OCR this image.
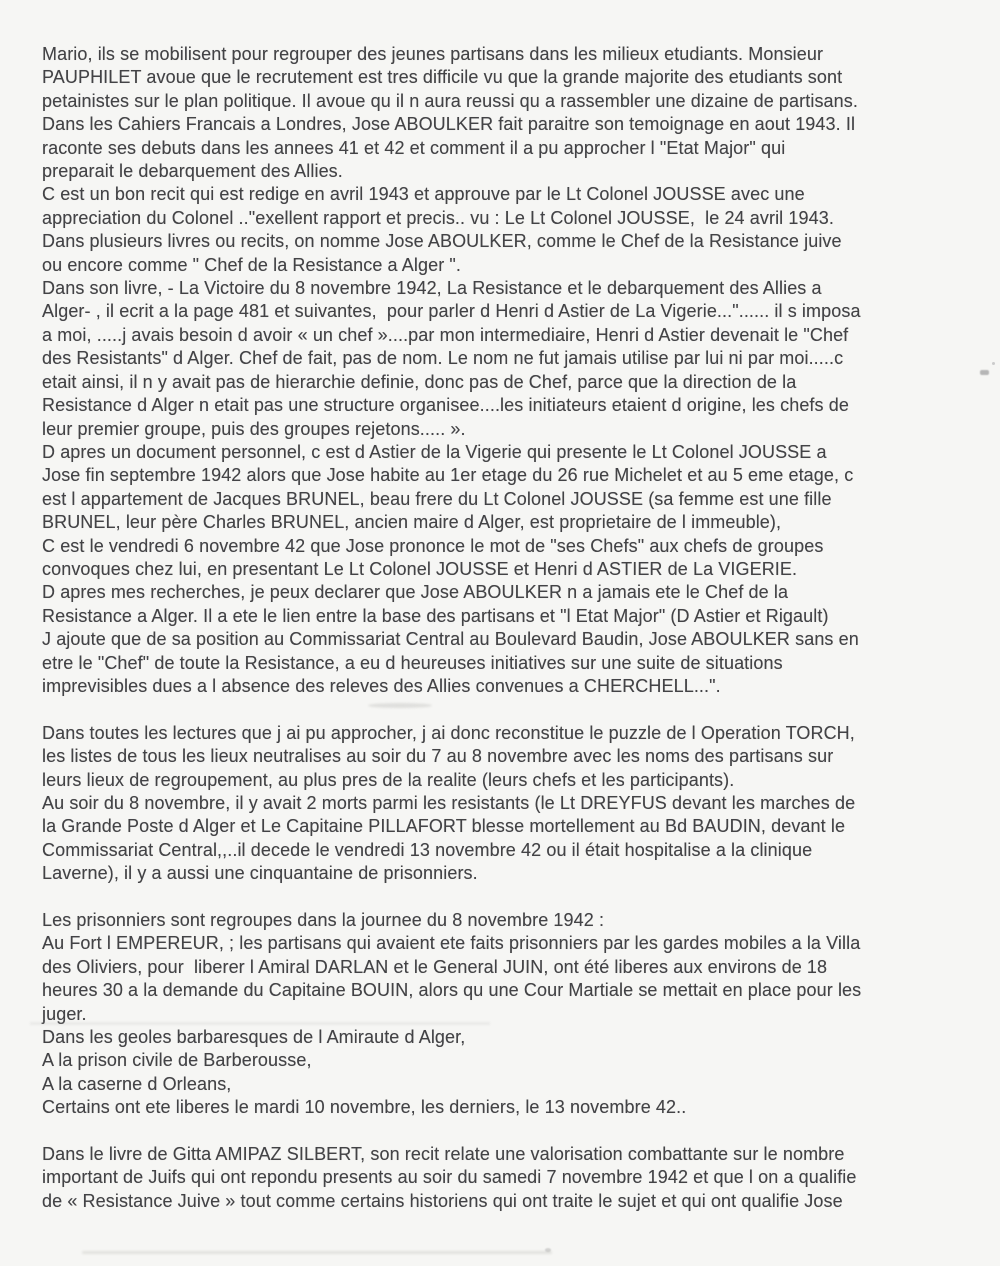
Mario, ils se mobilisent pour regrouper des jeunes partisans dans les milieux etudiants. Monsieur
PAUPHILET avoue que le recrutement est tres difficile vu que la grande majorite des etudiants sont
petainistes sur le plan politique. Il avoue qu il n aura reussi qu a rassembler une dizaine de partisans.
Dans les Cahiers Francais a Londres, Jose ABOULKER fait paraitre son temoignage en aout 1943. Il
raconte ses debuts dans les annees 41 et 42 et comment il a pu approcher l "Etat Major" qui
preparait le debarquement des Allies.
C est un bon recit qui est redige en avril 1943 et approuve par le Lt Colonel JOUSSE avec une
appreciation du Colonel .."exellent rapport et precis.. vu : Le Lt Colonel JOUSSE,  le 24 avril 1943.
Dans plusieurs livres ou recits, on nomme Jose ABOULKER, comme le Chef de la Resistance juive
ou encore comme " Chef de la Resistance a Alger ".
Dans son livre, - La Victoire du 8 novembre 1942, La Resistance et le debarquement des Allies a
Alger- , il ecrit a la page 481 et suivantes,  pour parler d Henri d Astier de La Vigerie..."...... il s imposa
a moi, .....j avais besoin d avoir « un chef »....par mon intermediaire, Henri d Astier devenait le "Chef
des Resistants" d Alger. Chef de fait, pas de nom. Le nom ne fut jamais utilise par lui ni par moi.....c
etait ainsi, il n y avait pas de hierarchie definie, donc pas de Chef, parce que la direction de la
Resistance d Alger n etait pas une structure organisee....les initiateurs etaient d origine, les chefs de
leur premier groupe, puis des groupes rejetons..... ».
D apres un document personnel, c est d Astier de la Vigerie qui presente le Lt Colonel JOUSSE a
Jose fin septembre 1942 alors que Jose habite au 1er etage du 26 rue Michelet et au 5 eme etage, c
est l appartement de Jacques BRUNEL, beau frere du Lt Colonel JOUSSE (sa femme est une fille
BRUNEL, leur père Charles BRUNEL, ancien maire d Alger, est proprietaire de l immeuble),
C est le vendredi 6 novembre 42 que Jose prononce le mot de "ses Chefs" aux chefs de groupes
convoques chez lui, en presentant Le Lt Colonel JOUSSE et Henri d ASTIER de La VIGERIE.
D apres mes recherches, je peux declarer que Jose ABOULKER n a jamais ete le Chef de la
Resistance a Alger. Il a ete le lien entre la base des partisans et "l Etat Major" (D Astier et Rigault)
J ajoute que de sa position au Commissariat Central au Boulevard Baudin, Jose ABOULKER sans en
etre le "Chef" de toute la Resistance, a eu d heureuses initiatives sur une suite de situations
imprevisibles dues a l absence des releves des Allies convenues a CHERCHELL...".
Dans toutes les lectures que j ai pu approcher, j ai donc reconstitue le puzzle de l Operation TORCH,
les listes de tous les lieux neutralises au soir du 7 au 8 novembre avec les noms des partisans sur
leurs lieux de regroupement, au plus pres de la realite (leurs chefs et les participants).
Au soir du 8 novembre, il y avait 2 morts parmi les resistants (le Lt DREYFUS devant les marches de
la Grande Poste d Alger et Le Capitaine PILLAFORT blesse mortellement au Bd BAUDIN, devant le
Commissariat Central,,..il decede le vendredi 13 novembre 42 ou il était hospitalise a la clinique
Laverne), il y a aussi une cinquantaine de prisonniers.
Les prisonniers sont regroupes dans la journee du 8 novembre 1942 :
Au Fort l EMPEREUR, ; les partisans qui avaient ete faits prisonniers par les gardes mobiles a la Villa
des Oliviers, pour  liberer l Amiral DARLAN et le General JUIN, ont été liberes aux environs de 18
heures 30 a la demande du Capitaine BOUIN, alors qu une Cour Martiale se mettait en place pour les
juger.
Dans les geoles barbaresques de l Amiraute d Alger,
A la prison civile de Barberousse,
A la caserne d Orleans,
Certains ont ete liberes le mardi 10 novembre, les derniers, le 13 novembre 42..
Dans le livre de Gitta AMIPAZ SILBERT, son recit relate une valorisation combattante sur le nombre
important de Juifs qui ont repondu presents au soir du samedi 7 novembre 1942 et que l on a qualifie
de « Resistance Juive » tout comme certains historiens qui ont traite le sujet et qui ont qualifie Jose
